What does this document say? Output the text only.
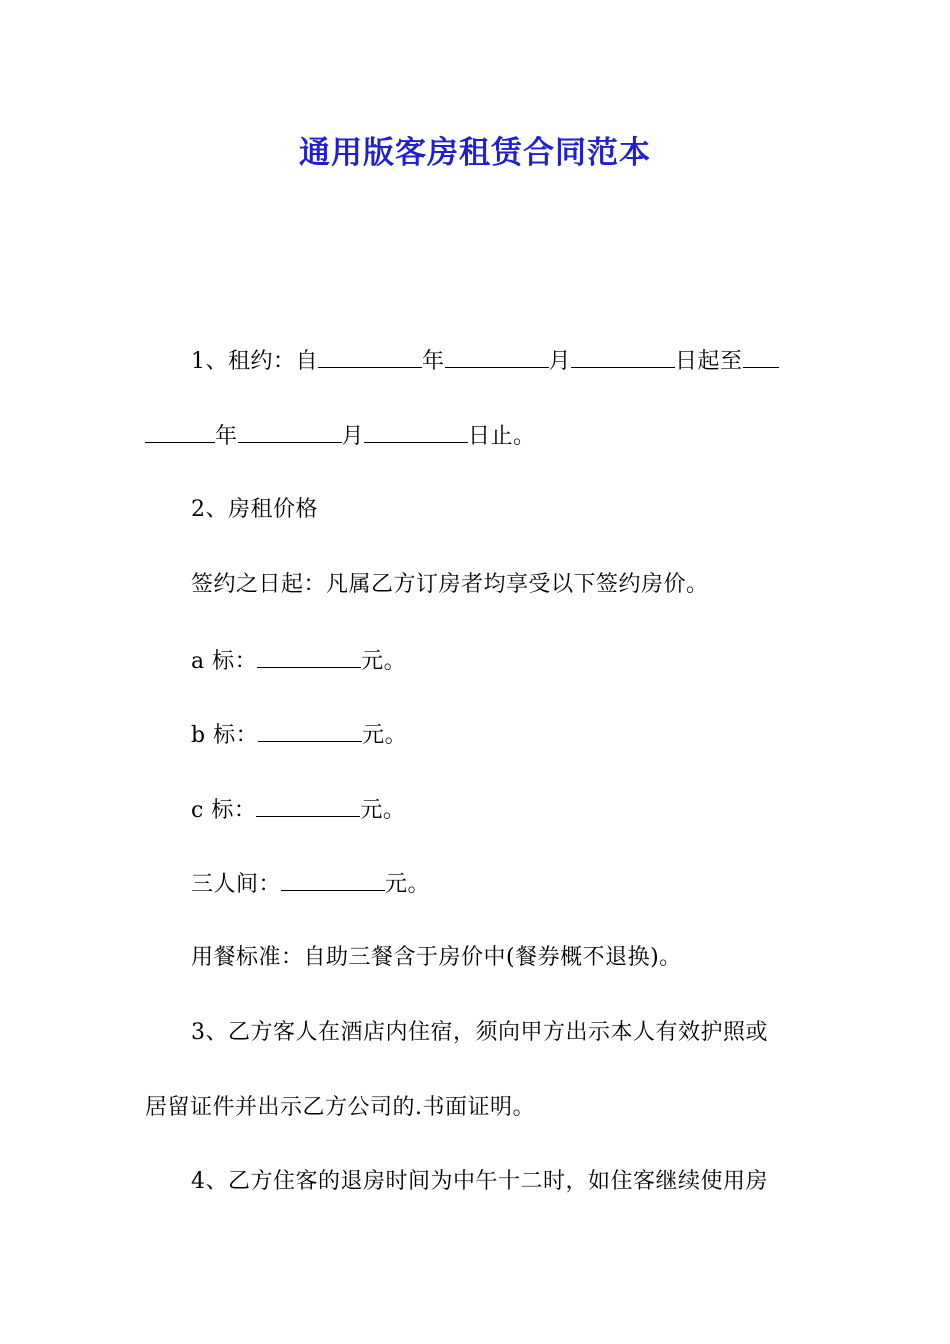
通用版客房租赁合同范本
1、租约：自	年	月	日起至
年	月	日止。
2、房租价格
签约之日起：凡属乙方订房者均享受以下签约房价。
a 标：	元。
b 标：	元。
c 标：	元。
三人间：	元。
用餐标准：自助三餐含于房价中(餐券概不退换)。
3、乙方客人在酒店内住宿，须向甲方出示本人有效护照或
居留证件并出示乙方公司的.书面证明。
4、乙方住客的退房时间为中午十二时，如住客继续使用房
